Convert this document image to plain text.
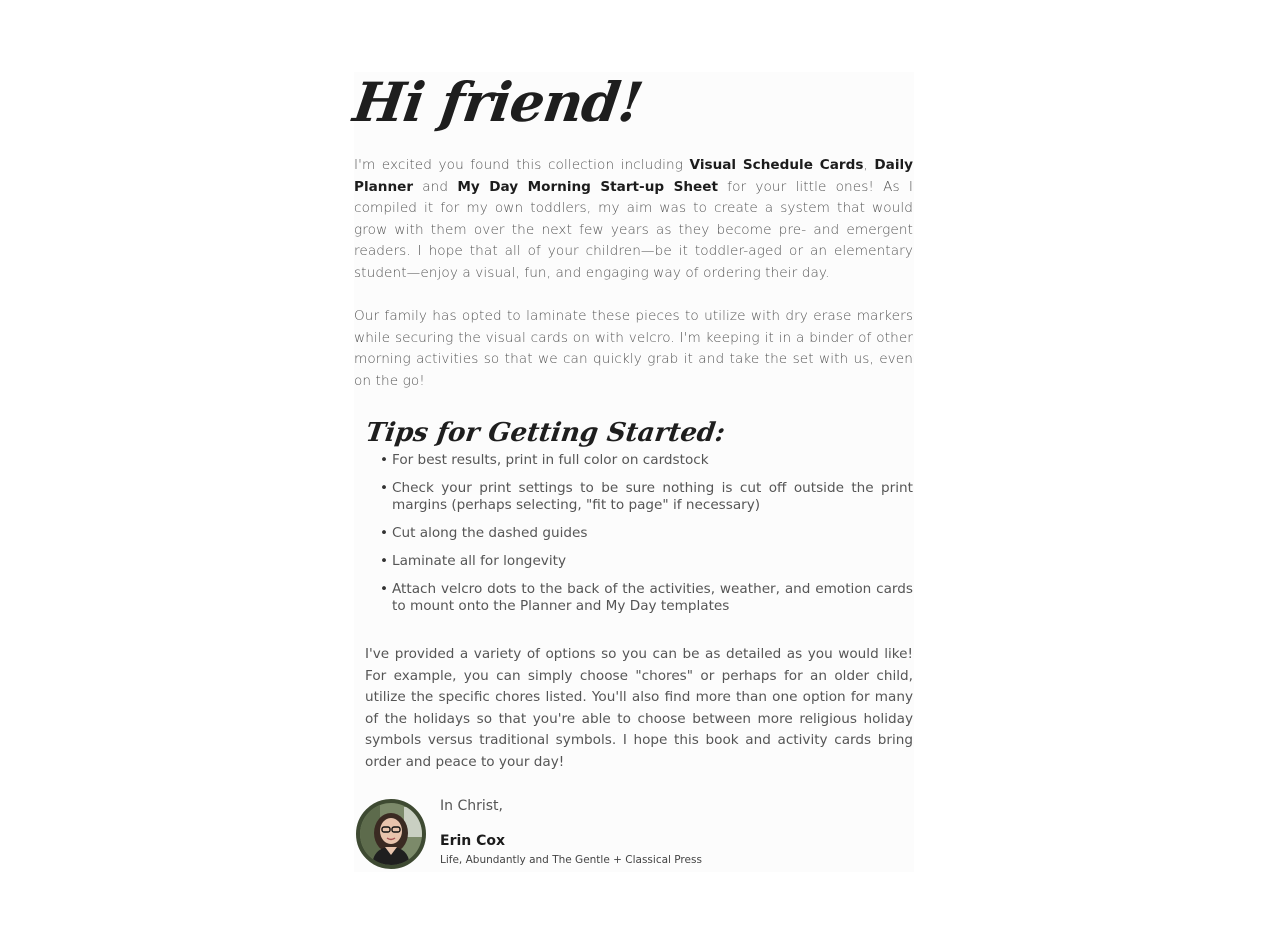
Hi friend!
I'm excited you found this collection including Visual Schedule Cards, Daily Planner and My Day Morning Start-up Sheet for your little ones! As I compiled it for my own toddlers, my aim was to create a system that would grow with them over the next few years as they become pre- and emergent readers. I hope that all of your children—be it toddler-aged or an elementary student—enjoy a visual, fun, and engaging way of ordering their day.
Our family has opted to laminate these pieces to utilize with dry erase markers while securing the visual cards on with velcro. I'm keeping it in a binder of other morning activities so that we can quickly grab it and take the set with us, even on the go!
Tips for Getting Started:
• For best results, print in full color on cardstock
• Check your print settings to be sure nothing is cut off outside the print margins (perhaps selecting, "fit to page" if necessary)
• Cut along the dashed guides
• Laminate all for longevity
• Attach velcro dots to the back of the activities, weather, and emotion cards to mount onto the Planner and My Day templates
I've provided a variety of options so you can be as detailed as you would like! For example, you can simply choose "chores" or perhaps for an older child, utilize the specific chores listed. You'll also find more than one option for many of the holidays so that you're able to choose between more religious holiday symbols versus traditional symbols. I hope this book and activity cards bring order and peace to your day!
In Christ,
Erin Cox
Life, Abundantly and The Gentle + Classical Press
